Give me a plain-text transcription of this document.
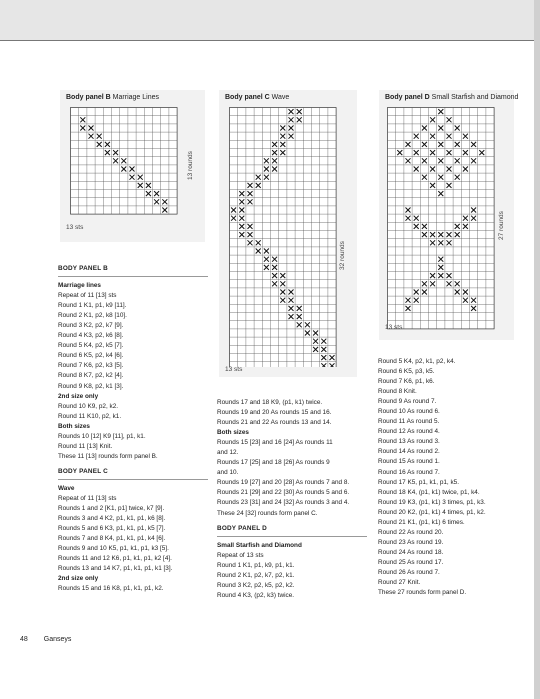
Body panel B Marriage Lines
13 sts
13 rounds
Body panel C Wave
13 sts
32 rounds
Body panel D Small Starfish and Diamond
13 sts
27 rounds

BODY PANEL B

Marriage lines

Repeat of 11 [13] sts

Round 1 K1, p1, k9 [11].

Round 2 K1, p2, k8 [10].

Round 3 K2, p2, k7 [9].

Round 4 K3, p2, k6 [8].

Round 5 K4, p2, k5 [7].

Round 6 K5, p2, k4 [6].

Round 7 K6, p2, k3 [5].

Round 8 K7, p2, k2 [4].

Round 9 K8, p2, k1 [3].

2nd size only

Round 10 K9, p2, k2.

Round 11 K10, p2, k1.

Both sizes

Rounds 10 [12] K9 [11], p1, k1.

Round 11 [13] Knit.

These 11 [13] rounds form panel B.

BODY PANEL C

Wave

Repeat of 11 [13] sts

Rounds 1 and 2 [K1, p1] twice, k7 [9].

Rounds 3 and 4 K2, p1, k1, p1, k6 [8].

Rounds 5 and 6 K3, p1, k1, p1, k5 [7].

Rounds 7 and 8 K4, p1, k1, p1, k4 [6].

Rounds 9 and 10 K5, p1, k1, p1, k3 [5].

Rounds 11 and 12 K6, p1, k1, p1, k2 [4].

Rounds 13 and 14 K7, p1, k1, p1, k1 [3].

2nd size only

Rounds 15 and 16 K8, p1, k1, p1, k2.

Rounds 17 and 18 K9, (p1, k1) twice.

Rounds 19 and 20 As rounds 15 and 16.

Rounds 21 and 22 As rounds 13 and 14.

Both sizes

Rounds 15 [23] and 16 [24] As rounds 11

and 12.

Rounds 17 [25] and 18 [26] As rounds 9

and 10.

Rounds 19 [27] and 20 [28] As rounds 7 and 8.

Rounds 21 [29] and 22 [30] As rounds 5 and 6.

Rounds 23 [31] and 24 [32] As rounds 3 and 4.

These 24 [32] rounds form panel C.

BODY PANEL D

Small Starfish and Diamond

Repeat of 13 sts

Round 1 K1, p1, k9, p1, k1.

Round 2 K1, p2, k7, p2, k1.

Round 3 K2, p2, k5, p2, k2.

Round 4 K3, (p2, k3) twice.

Round 5 K4, p2, k1, p2, k4.

Round 6 K5, p3, k5.

Round 7 K6, p1, k6.

Round 8 Knit.

Round 9 As round 7.

Round 10 As round 6.

Round 11 As round 5.

Round 12 As round 4.

Round 13 As round 3.

Round 14 As round 2.

Round 15 As round 1.

Round 16 As round 7.

Round 17 K5, p1, k1, p1, k5.

Round 18 K4, (p1, k1) twice, p1, k4.

Round 19 K3, (p1, k1) 3 times, p1, k3.

Round 20 K2, (p1, k1) 4 times, p1, k2.

Round 21 K1, (p1, k1) 6 times.

Round 22 As round 20.

Round 23 As round 19.

Round 24 As round 18.

Round 25 As round 17.

Round 26 As round 7.

Round 27 Knit.

These 27 rounds form panel D.

48 Ganseys
